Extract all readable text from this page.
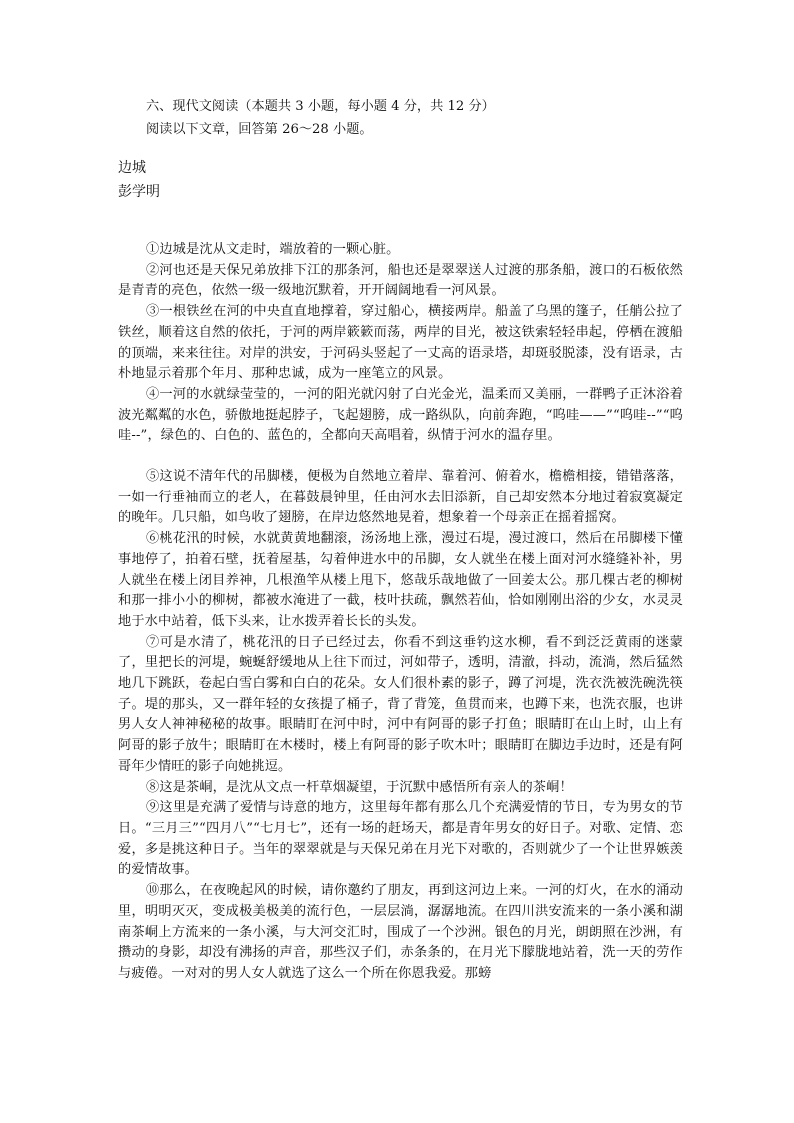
六、现代文阅读（本题共 3 小题，每小题 4 分，共 12 分）

阅读以下文章，回答第 26～28 小题。

边城
彭学明

①边城是沈从文走时，端放着的一颗心脏。

②河也还是天保兄弟放排下江的那条河，船也还是翠翠送人过渡的那条船，渡口的石板依然是青青的亮色，依然一级一级地沉默着，开开阔阔地看一河风景。

③一根铁丝在河的中央直直地撑着，穿过船心，横接两岸。船盖了乌黑的篷子，任艄公拉了铁丝，顺着这自然的依托，于河的两岸簌簌而荡，两岸的目光，被这铁索轻轻串起，停栖在渡船的顶端，来来往往。对岸的洪安，于河码头竖起了一丈高的语录塔，却斑驳脱漆，没有语录，古朴地显示着那个年月、那种忠诚，成为一座笔立的风景。

④一河的水就绿莹莹的，一河的阳光就闪射了白光金光，温柔而又美丽，一群鸭子正沐浴着波光粼粼的水色，骄傲地挺起脖子，飞起翅膀，成一路纵队，向前奔跑，“呜哇——”“呜哇--”“呜哇--”，绿色的、白色的、蓝色的，全都向天高唱着，纵情于河水的温存里。

⑤这说不清年代的吊脚楼，便极为自然地立着岸、靠着河、俯着水，檐檐相接，错错落落，一如一行垂袖而立的老人，在暮鼓晨钟里，任由河水去旧添新，自己却安然本分地过着寂寞凝定的晚年。几只船，如鸟收了翅膀，在岸边悠然地晃着，想象着一个母亲正在摇着摇窝。

⑥桃花汛的时候，水就黄黄地翻滚，汤汤地上涨，漫过石堤，漫过渡口，然后在吊脚楼下懂事地停了，拍着石壁，抚着屋基，勾着伸进水中的吊脚，女人就坐在楼上面对河水缝缝补补，男人就坐在楼上闭目养神，几根渔竿从楼上甩下，悠哉乐哉地做了一回姜太公。那几棵古老的柳树和那一排小小的柳树，都被水淹进了一截，枝叶扶疏，飘然若仙，恰如刚刚出浴的少女，水灵灵地于水中站着，低下头来，让水拨弄着长长的头发。

⑦可是水清了，桃花汛的日子已经过去，你看不到这垂钓这水柳，看不到泛泛黄雨的迷蒙了，里把长的河堤，蜿蜒舒缓地从上往下而过，河如带子，透明，清澈，抖动，流淌，然后猛然地几下跳跃，卷起白雪白雾和白白的花朵。女人们很朴素的影子，蹲了河堤，洗衣洗被洗碗洗筷子。堤的那头，又一群年轻的女孩提了桶子，背了背笼，鱼贯而来，也蹲下来，也洗衣服，也讲男人女人神神秘秘的故事。眼睛盯在河中时，河中有阿哥的影子打鱼；眼睛盯在山上时，山上有阿哥的影子放牛；眼睛盯在木楼时，楼上有阿哥的影子吹木叶；眼睛盯在脚边手边时，还是有阿哥年少情旺的影子向她挑逗。

⑧这是茶峒，是沈从文点一杆草烟凝望，于沉默中感悟所有亲人的茶峒！

⑨这里是充满了爱情与诗意的地方，这里每年都有那么几个充满爱情的节日，专为男女的节日。“三月三”“四月八”“七月七”，还有一场的赶场天，都是青年男女的好日子。对歌、定情、恋爱，多是挑这种日子。当年的翠翠就是与天保兄弟在月光下对歌的，否则就少了一个让世界嫉羡的爱情故事。

⑩那么，在夜晚起风的时候，请你邀约了朋友，再到这河边上来。一河的灯火，在水的涌动里，明明灭灭，变成极美极美的流行色，一层层淌，潺潺地流。在四川洪安流来的一条小溪和湖南茶峒上方流来的一条小溪，与大河交汇时，围成了一个沙洲。银色的月光，朗朗照在沙洲，有攒动的身影，却没有沸扬的声音，那些汉子们，赤条条的，在月光下朦胧地站着，洗一天的劳作与疲倦。一对对的男人女人就选了这么一个所在你恩我爱。那螃
